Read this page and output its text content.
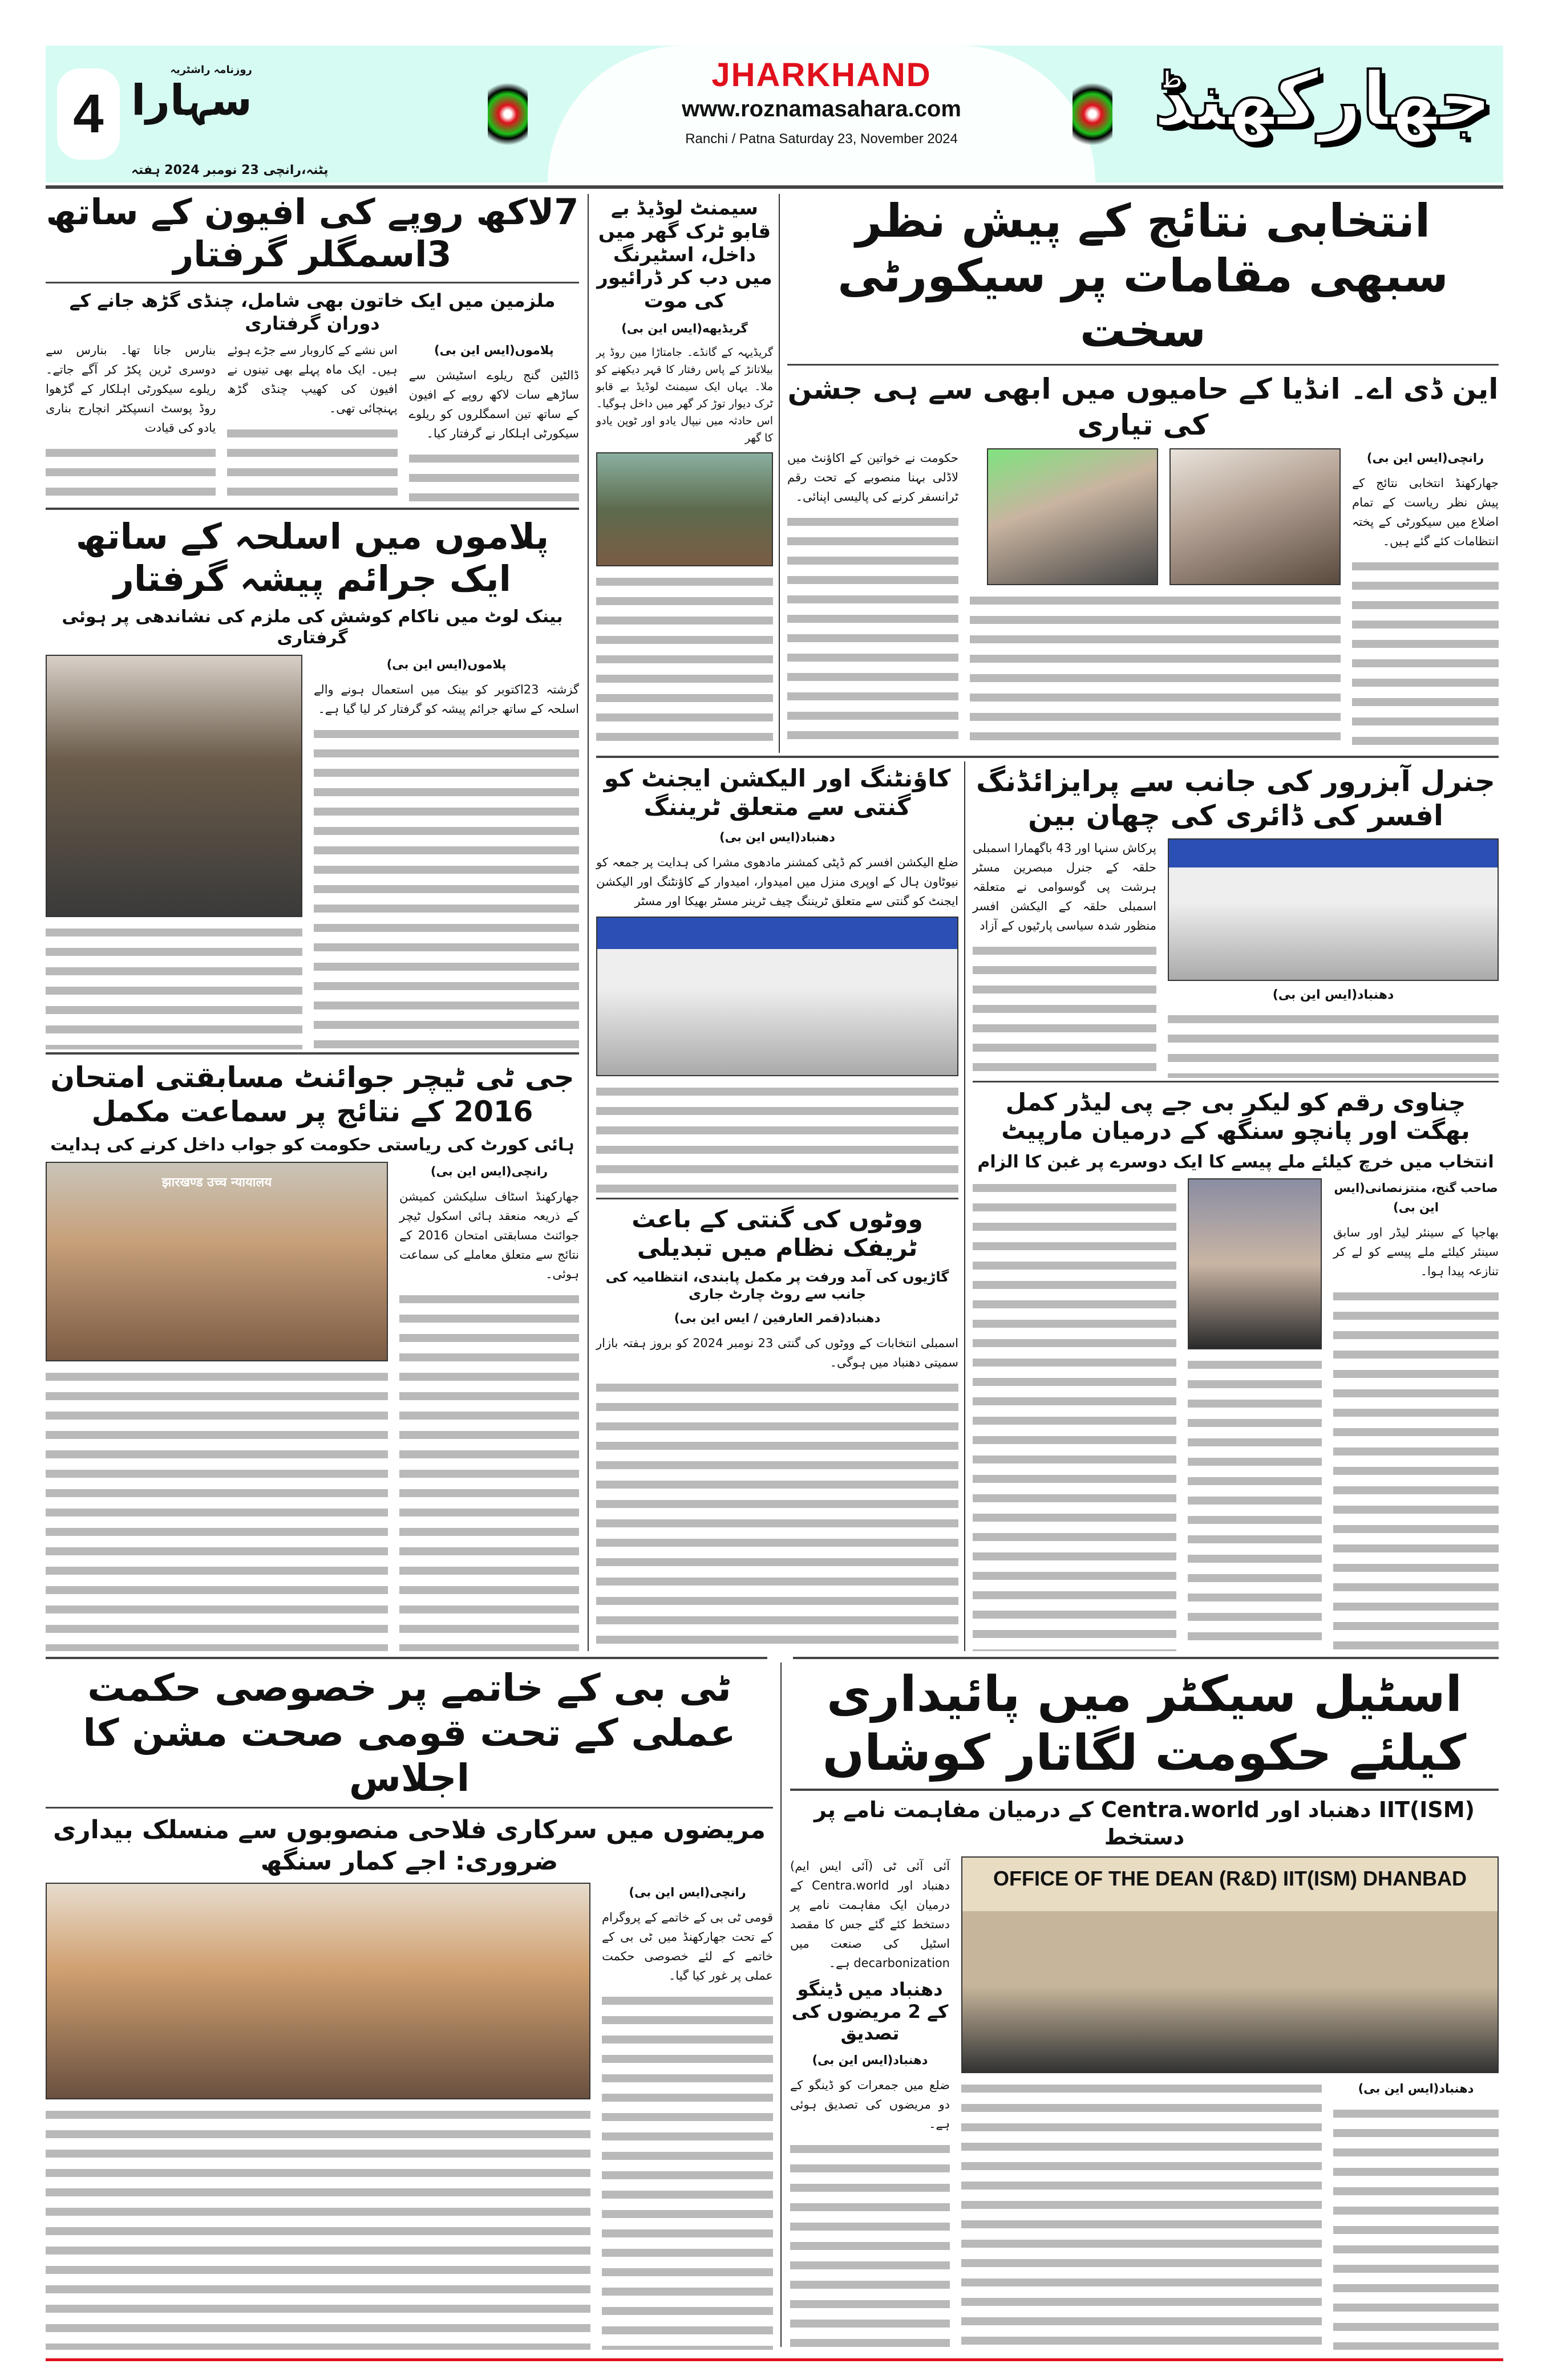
4
روزنامہ راشٹریہ
سہارا
پٹنہ،رانچی 23 نومبر 2024 ہفتہ
JHARKHAND
www.roznamasahara.com
Ranchi / Patna Saturday 23, November 2024	جھارکھنڈ
انتخابی نتائج کے پیش نظر سبھی مقامات پر سیکورٹی سخت
این ڈی اے۔ انڈیا کے حامیوں میں ابھی سے ہی جشن کی تیاری
رانچی(ایس این بی)
جھارکھنڈ انتخابی نتائج کے پیش نظر ریاست کے تمام اضلاع میں سیکورٹی کے پختہ انتظامات کئے گئے ہیں۔
حکومت نے خواتین کے اکاؤنٹ میں لاڈلی بہنا منصوبے کے تحت رقم ٹرانسفر کرنے کی پالیسی اپنائی۔
سیمنٹ لوڈیڈ بے قابو ٹرک گھر میں داخل، اسٹیرنگ میں دب کر ڈرائیور کی موت
گریڈیهه(ایس این بی)
گریڈیہہ کے گانڈے۔ جامتاڑا مین روڈ پر بیلاتانڑ کے پاس رفتار کا قہر دیکھنے کو ملا۔ یہاں ایک سیمنٹ لوڈیڈ بے قابو ٹرک دیوار توڑ کر گھر میں داخل ہوگیا۔ اس حادثہ میں نیپال یادو اور ٹوپن یادو کا گھر
7لاکھ روپے کی افیون کے ساتھ 3اسمگلر گرفتار
ملزمین میں ایک خاتون بھی شامل، چنڈی گڑھ جانے کے دوران گرفتاری
پلاموں(ایس این بی)
ڈالٹین گنج ریلوے اسٹیشن سے ساڑھے سات لاکھ روپے کے افیون کے ساتھ تین اسمگلروں کو ریلوے سیکورٹی اہلکار نے گرفتار کیا۔
اس نشے کے کاروبار سے جڑے ہوئے ہیں۔ ایک ماہ پہلے بھی تینوں نے افیون کی کھیپ چنڈی گڑھ پہنچائی تھی۔
بنارس جانا تھا۔ بنارس سے دوسری ٹرین پکڑ کر آگے جاتے۔ ریلوے سیکورٹی اہلکار کے گڑھوا روڈ پوسٹ انسپکٹر انچارج بناری یادو کی قیادت
پلاموں میں اسلحہ کے ساتھ ایک جرائم پیشہ گرفتار
بینک لوٹ میں ناکام کوشش کی ملزم کی نشاندھی پر ہوئی گرفتاری
پلاموں(ایس این بی)
گزشتہ 23اکتوبر کو بینک میں استعمال ہونے والے اسلحہ کے ساتھ جرائم پیشہ کو گرفتار کر لیا گیا ہے۔
جی ٹی ٹیچر جوائنٹ مسابقتی امتحان 2016 کے نتائج پر سماعت مکمل
ہائی کورٹ کی ریاستی حکومت کو جواب داخل کرنے کی ہدایت
رانچی(ایس این بی)
جھارکھنڈ اسٹاف سلیکشن کمیشن کے ذریعہ منعقد ہائی اسکول ٹیچر جوائنٹ مسابقتی امتحان 2016 کے نتائج سے متعلق معاملے کی سماعت ہوئی۔
झारखण्ड उच्च न्यायालय
کاؤنٹنگ اور الیکشن ایجنٹ کو گنتی سے متعلق ٹریننگ
دھنباد(ایس این بی)
ضلع الیکشن افسر کم ڈپٹی کمشنر مادھوی مشرا کی ہدایت پر جمعہ کو نیوٹاون ہال کے اوپری منزل میں امیدوار، امیدوار کے کاؤنٹنگ اور الیکشن ایجنٹ کو گنتی سے متعلق ٹریننگ چیف ٹرینر مسٹر بھیکا اور مسٹر
ووٹوں کی گنتی کے باعث ٹریفک نظام میں تبدیلی
گاڑیوں کی آمد ورفت پر مکمل پابندی، انتظامیہ کی جانب سے روٹ چارٹ جاری
دھنباد(قمر العارفین / ایس این بی)
اسمبلی انتخابات کے ووٹوں کی گنتی 23 نومبر 2024 کو بروز ہفتہ بازار سمیتی دھنباد میں ہوگی۔
جنرل آبزرور کی جانب سے پرایزائڈنگ افسر کی ڈائری کی چھان بین
دھنباد(ایس این بی)
پرکاش سنہا اور 43 باگھمارا اسمبلی حلقہ کے جنرل مبصرین مسٹر ہرشت پی گوسوامی نے متعلقہ اسمبلی حلقہ کے الیکشن افسر منظور شدہ سیاسی پارٹیوں کے آزاد
چناوی رقم کو لیکر بی جے پی لیڈر کمل بھگت اور پانچو سنگھ کے درمیان مارپیٹ
انتخاب میں خرچ کیلئے ملے پیسے کا ایک دوسرے پر غبن کا الزام
صاحب گنج، منتزنصانی(ایس این بی)
بھاجپا کے سینئر لیڈر اور سابق سینئر کیلئے ملے پیسے کو لے کر تنازعہ پیدا ہوا۔
ٹی بی کے خاتمے پر خصوصی حکمت عملی کے تحت قومی صحت مشن کا اجلاس
مریضوں میں سرکاری فلاحی منصوبوں سے منسلک بیداری ضروری: اجے کمار سنگھ
رانچی(ایس این بی)
قومی ٹی بی کے خاتمے کے پروگرام کے تحت جھارکھنڈ میں ٹی بی کے خاتمے کے لئے خصوصی حکمت عملی پر غور کیا گیا۔
اسٹیل سیکٹر میں پائیداری کیلئے حکومت لگاتار کوشاں
IIT(ISM) دھنباد اور Centra.world کے درمیان مفاہمت نامے پر دستخط
OFFICE OF THE DEAN (R&D) IIT(ISM) DHANBAD
دھنباد(ایس این بی)
آئی آئی ٹی (آئی ایس ایم) دھنباد اور Centra.world کے درمیان ایک مفاہمت نامے پر دستخط کئے گئے جس کا مقصد اسٹیل کی صنعت میں decarbonization ہے۔
دھنباد میں ڈینگو کے 2 مریضوں کی تصدیق
دھنباد(ایس این بی)
ضلع میں جمعرات کو ڈینگو کے دو مریضوں کی تصدیق ہوئی ہے۔
